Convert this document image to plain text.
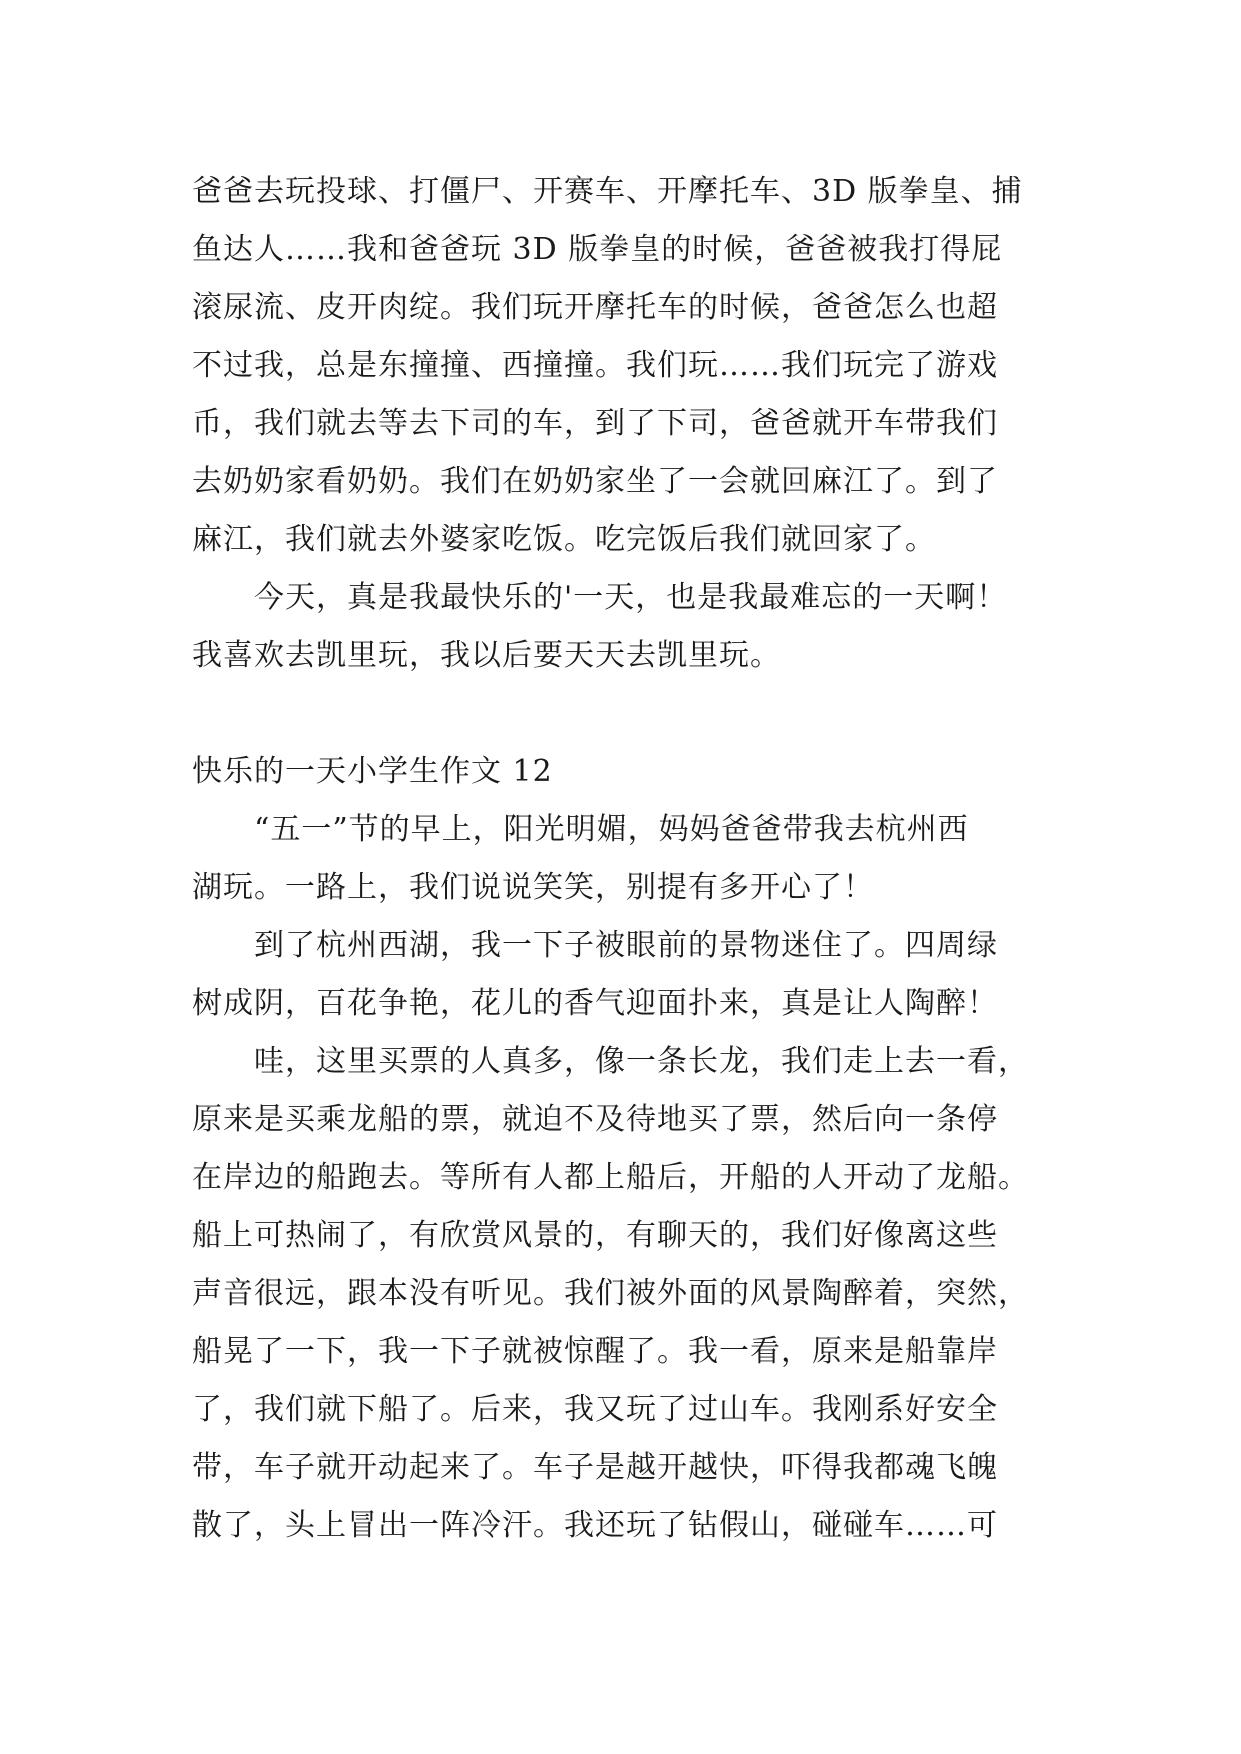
爸爸去玩投球、打僵尸、开赛车、开摩托车、3D 版拳皇、捕
鱼达人……我和爸爸玩 3D 版拳皇的时候，爸爸被我打得屁
滚尿流、皮开肉绽。我们玩开摩托车的时候，爸爸怎么也超
不过我，总是东撞撞、西撞撞。我们玩……我们玩完了游戏
币，我们就去等去下司的车，到了下司，爸爸就开车带我们
去奶奶家看奶奶。我们在奶奶家坐了一会就回麻江了。到了
麻江，我们就去外婆家吃饭。吃完饭后我们就回家了。
今天，真是我最快乐的'一天，也是我最难忘的一天啊！
我喜欢去凯里玩，我以后要天天去凯里玩。
快乐的一天小学生作文 12
“五一”节的早上，阳光明媚，妈妈爸爸带我去杭州西
湖玩。一路上，我们说说笑笑，别提有多开心了！
到了杭州西湖，我一下子被眼前的景物迷住了。四周绿
树成阴，百花争艳，花儿的香气迎面扑来，真是让人陶醉！
哇，这里买票的人真多，像一条长龙，我们走上去一看，
原来是买乘龙船的票，就迫不及待地买了票，然后向一条停
在岸边的船跑去。等所有人都上船后，开船的人开动了龙船。
船上可热闹了，有欣赏风景的，有聊天的，我们好像离这些
声音很远，跟本没有听见。我们被外面的风景陶醉着，突然，
船晃了一下，我一下子就被惊醒了。我一看，原来是船靠岸
了，我们就下船了。后来，我又玩了过山车。我刚系好安全
带，车子就开动起来了。车子是越开越快，吓得我都魂飞魄
散了，头上冒出一阵冷汗。我还玩了钻假山，碰碰车……可
